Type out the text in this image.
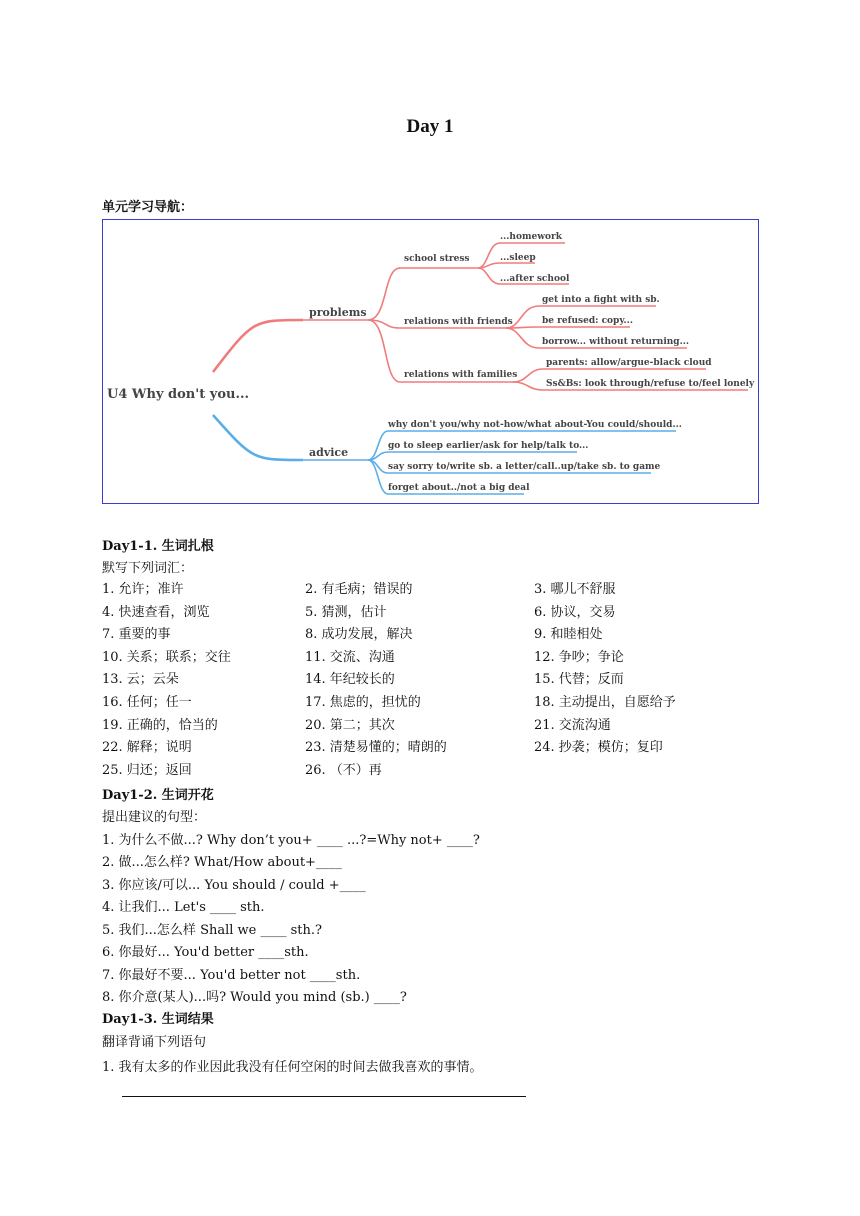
Day 1
单元学习导航：
U4 Why don't you...
problems
advice
school stress
...homework
...sleep
...after school
relations with friends
get into a fight with sb.
be refused: copy...
borrow... without returning...
relations with families
parents: allow/argue-black cloud
Ss&Bs: look through/refuse to/feel lonely
why don't you/why not-how/what about-You could/should...
go to sleep earlier/ask for help/talk to...
say sorry to/write sb. a letter/call..up/take sb. to game
forget about../not a big deal
Day1-1. 生词扎根
默写下列词汇：
1. 允许；准许	2. 有毛病；错误的	3. 哪儿不舒服
4. 快速查看，浏览	5. 猜测，估计	6. 协议，交易
7. 重要的事	8. 成功发展，解决	9. 和睦相处
10. 关系；联系；交往	11. 交流、沟通	12. 争吵；争论
13. 云；云朵	14. 年纪较长的	15. 代替；反而
16. 任何；任一	17. 焦虑的，担忧的	18. 主动提出，自愿给予
19. 正确的，恰当的	20. 第二；其次	21. 交流沟通
22. 解释；说明	23. 清楚易懂的；晴朗的	24. 抄袭；模仿；复印
25. 归还；返回	26. （不）再
Day1-2. 生词开花
提出建议的句型：
1. 为什么不做...? Why don’t you+ ____ ...?=Why not+ ____?
2. 做...怎么样? What/How about+____
3. 你应该/可以... You should / could +____
4. 让我们... Let's ____ sth.
5. 我们...怎么样 Shall we ____ sth.?
6. 你最好... You'd better ____sth.
7. 你最好不要... You'd better not ____sth.
8. 你介意(某人)...吗? Would you mind (sb.) ____?
Day1-3. 生词结果
翻译背诵下列语句
1. 我有太多的作业因此我没有任何空闲的时间去做我喜欢的事情。
